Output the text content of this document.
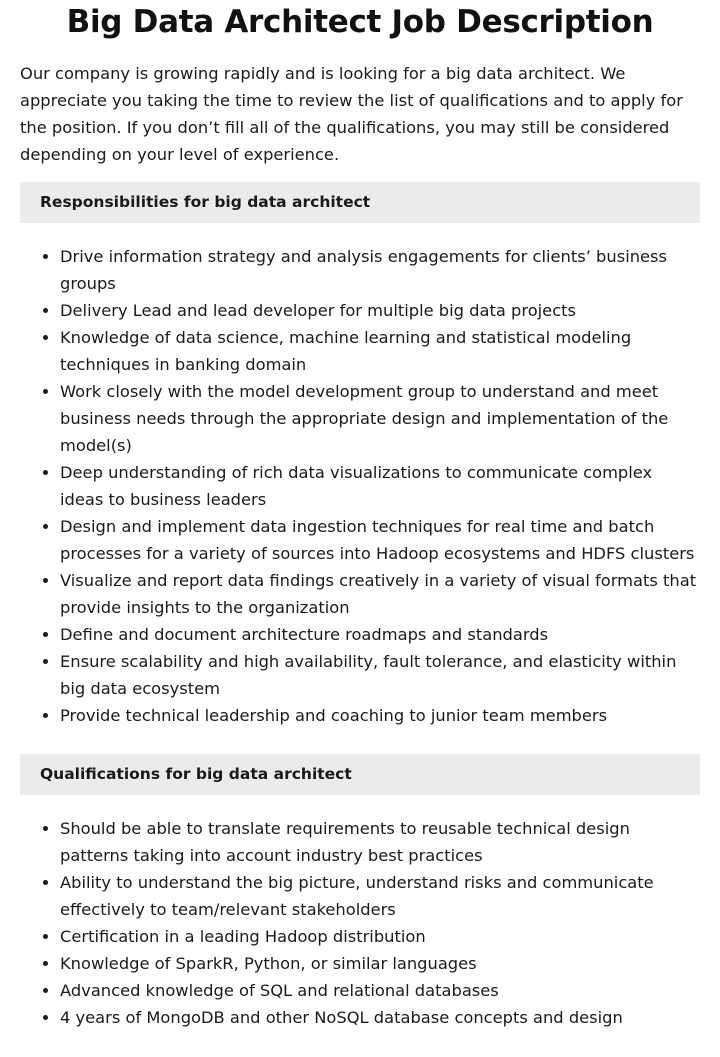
Big Data Architect Job Description

Our company is growing rapidly and is looking for a big data architect. We appreciate you taking the time to review the list of qualifications and to apply for the position. If you don’t fill all of the qualifications, you may still be considered depending on your level of experience.

Responsibilities for big data architect
• Drive information strategy and analysis engagements for clients’ business groups
• Delivery Lead and lead developer for multiple big data projects
• Knowledge of data science, machine learning and statistical modeling techniques in banking domain
• Work closely with the model development group to understand and meet business needs through the appropriate design and implementation of the model(s)
• Deep understanding of rich data visualizations to communicate complex ideas to business leaders
• Design and implement data ingestion techniques for real time and batch processes for a variety of sources into Hadoop ecosystems and HDFS clusters
• Visualize and report data findings creatively in a variety of visual formats that provide insights to the organization
• Define and document architecture roadmaps and standards
• Ensure scalability and high availability, fault tolerance, and elasticity within big data ecosystem
• Provide technical leadership and coaching to junior team members
Qualifications for big data architect
• Should be able to translate requirements to reusable technical design patterns taking into account industry best practices
• Ability to understand the big picture, understand risks and communicate effectively to team/relevant stakeholders
• Certification in a leading Hadoop distribution
• Knowledge of SparkR, Python, or similar languages
• Advanced knowledge of SQL and relational databases
• 4 years of MongoDB and other NoSQL database concepts and design
